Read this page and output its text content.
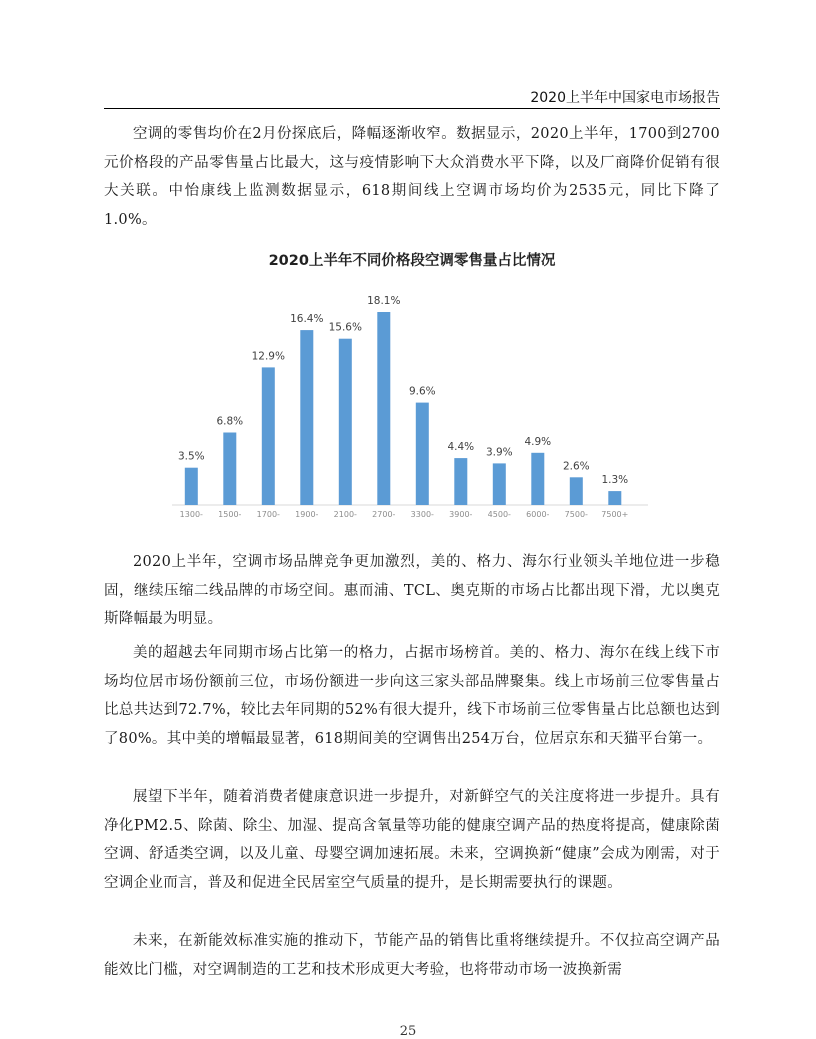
2020上半年中国家电市场报告

空调的零售均价在2月份探底后，降幅逐渐收窄。数据显示，2020上半年，1700到2700元价格段的产品零售量占比最大，这与疫情影响下大众消费水平下降，以及厂商降价促销有很大关联。中怡康线上监测数据显示，618期间线上空调市场均价为2535元，同比下降了1.0%。

2020上半年不同价格段空调零售量占比情况
3.5%
1300-
6.8%
1500-
12.9%
1700-
16.4%
1900-
15.6%
2100-
18.1%
2700-
9.6%
3300-
4.4%
3900-
3.9%
4500-
4.9%
6000-
2.6%
7500-
1.3%
7500+

2020上半年，空调市场品牌竞争更加激烈，美的、格力、海尔行业领头羊地位进一步稳固，继续压缩二线品牌的市场空间。惠而浦、TCL、奥克斯的市场占比都出现下滑，尤以奥克斯降幅最为明显。

美的超越去年同期市场占比第一的格力，占据市场榜首。美的、格力、海尔在线上线下市场均位居市场份额前三位，市场份额进一步向这三家头部品牌聚集。线上市场前三位零售量占比总共达到72.7%，较比去年同期的52%有很大提升，线下市场前三位零售量占比总额也达到了80%。其中美的增幅最显著，618期间美的空调售出254万台，位居京东和天猫平台第一。

展望下半年，随着消费者健康意识进一步提升，对新鲜空气的关注度将进一步提升。具有净化PM2.5、除菌、除尘、加湿、提高含氧量等功能的健康空调产品的热度将提高，健康除菌空调、舒适类空调，以及儿童、母婴空调加速拓展。未来，空调换新“健康”会成为刚需，对于空调企业而言，普及和促进全民居室空气质量的提升，是长期需要执行的课题。

未来，在新能效标准实施的推动下，节能产品的销售比重将继续提升。不仅拉高空调产品能效比门槛，对空调制造的工艺和技术形成更大考验，也将带动市场一波换新需

25
